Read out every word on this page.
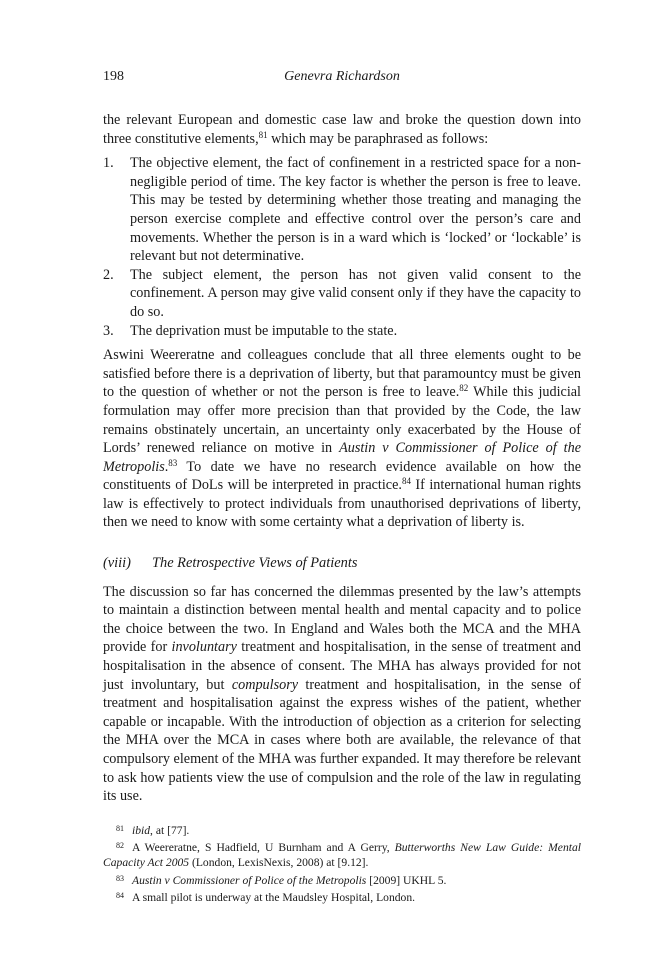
198	Genevra Richardson

the relevant European and domestic case law and broke the question down into three constitutive elements,$^{81}$ which may be paraphrased as follows:

1. The objective element, the fact of confinement in a restricted space for a non-negligible period of time. The key factor is whether the person is free to leave. This may be tested by determining whether those treating and managing the person exercise complete and effective control over the person’s care and movements. Whether the person is in a ward which is ‘locked’ or ‘lockable’ is relevant but not determinative.
2. The subject element, the person has not given valid consent to the confinement. A person may give valid consent only if they have the capacity to do so.
3. The deprivation must be imputable to the state.

Aswini Weereratne and colleagues conclude that all three elements ought to be satisfied before there is a deprivation of liberty, but that paramountcy must be given to the question of whether or not the person is free to leave.$^{82}$ While this judicial formulation may offer more precision than that provided by the Code, the law remains obstinately uncertain, an uncertainty only exacerbated by the House of Lords’ renewed reliance on motive in Austin v Commissioner of Police of the Metropolis.$^{83}$ To date we have no research evidence available on how the constituents of DoLs will be interpreted in practice.$^{84}$ If international human rights law is effectively to protect individuals from unauthorised deprivations of liberty, then we need to know with some certainty what a deprivation of liberty is.

(viii) The Retrospective Views of Patients

The discussion so far has concerned the dilemmas presented by the law’s attempts to maintain a distinction between mental health and mental capacity and to police the choice between the two. In England and Wales both the MCA and the MHA provide for involuntary treatment and hospitalisation, in the sense of treatment and hospitalisation in the absence of consent. The MHA has always provided for not just involuntary, but compulsory treatment and hospitalisation, in the sense of treatment and hospitalisation against the express wishes of the patient, whether capable or incapable. With the introduction of objection as a criterion for selecting the MHA over the MCA in cases where both are available, the relevance of that compulsory element of the MHA was further expanded. It may therefore be relevant to ask how patients view the use of compulsion and the role of the law in regulating its use.

$^{81}$ ibid, at [77].

$^{82}$ A Weereratne, S Hadfield, U Burnham and A Gerry, Butterworths New Law Guide: Mental Capacity Act 2005 (London, LexisNexis, 2008) at [9.12].

$^{83}$ Austin v Commissioner of Police of the Metropolis [2009] UKHL 5.

$^{84}$ A small pilot is underway at the Maudsley Hospital, London.
